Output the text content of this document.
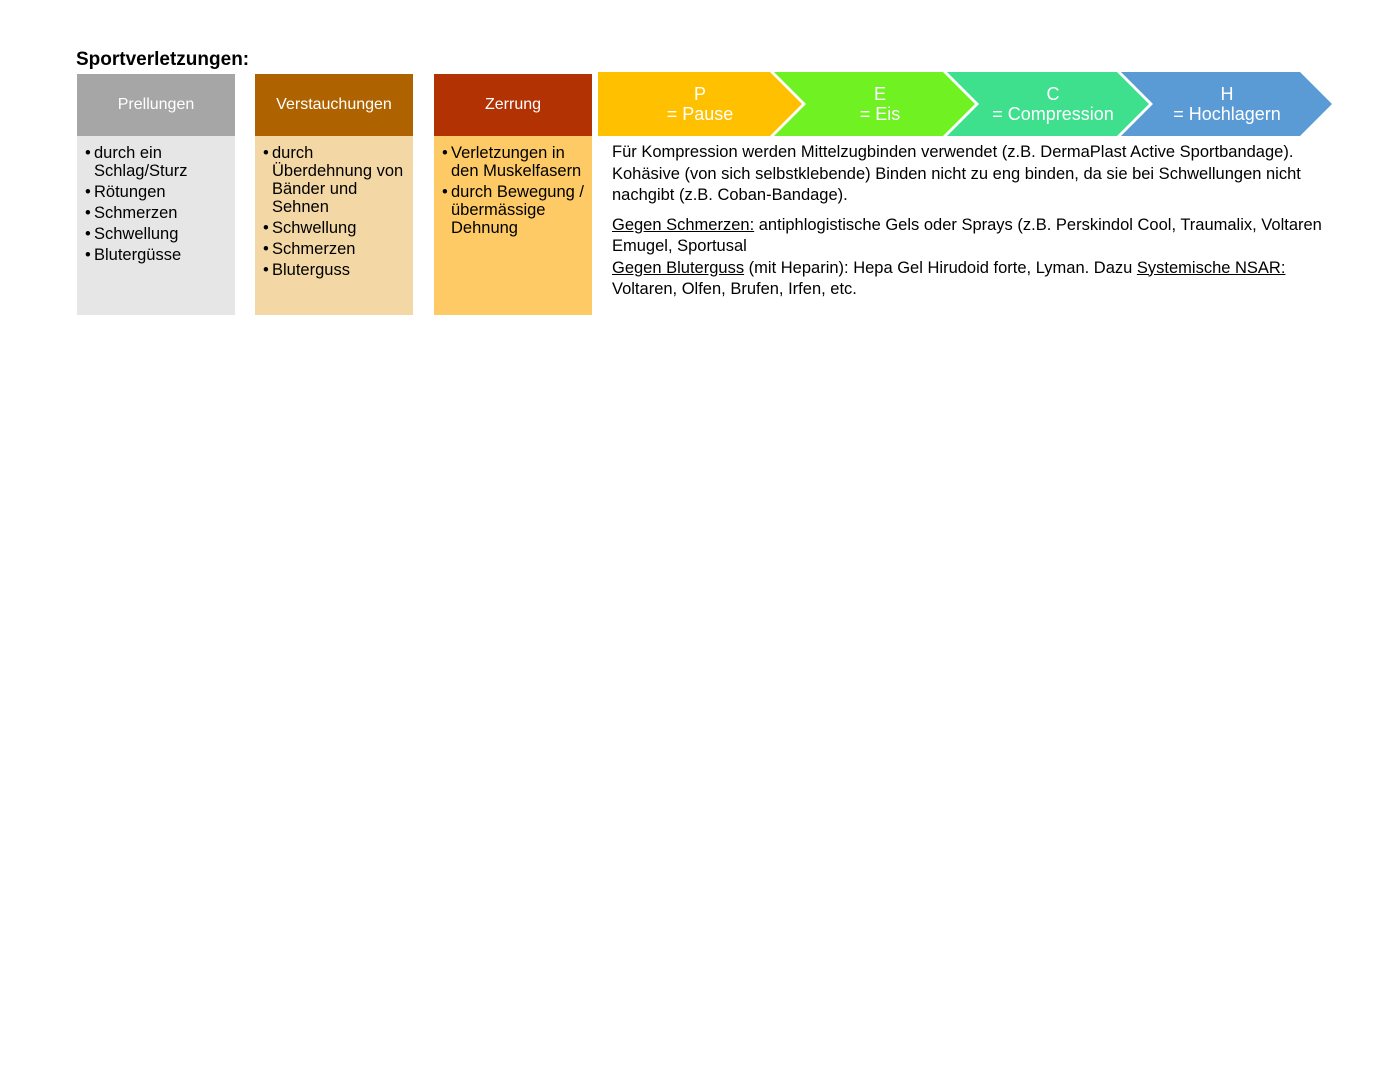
Sportverletzungen:
Prellungen
• durch ein Schlag/Sturz
• Rötungen
• Schmerzen
• Schwellung
• Blutergüsse
Verstauchungen
• durch Überdehnung von Bänder und Sehnen
• Schwellung
• Schmerzen
• Bluterguss
Zerrung
• Verletzungen in den Muskelfasern
• durch Bewegung / übermässige Dehnung
P
= Pause
E
= Eis
C
= Compression
H
= Hochlagern

Für Kompression werden Mittelzugbinden verwendet (z.B. DermaPlast Active Sportbandage). Kohäsive (von sich selbstklebende) Binden nicht zu eng binden, da sie bei Schwellungen nicht nachgibt (z.B. Coban-Bandage).

Gegen Schmerzen: antiphlogistische Gels oder Sprays (z.B. Perskindol Cool, Traumalix, Voltaren Emugel, Sportusal

Gegen Bluterguss (mit Heparin): Hepa Gel Hirudoid forte, Lyman. Dazu Systemische NSAR: Voltaren, Olfen, Brufen, Irfen, etc.
